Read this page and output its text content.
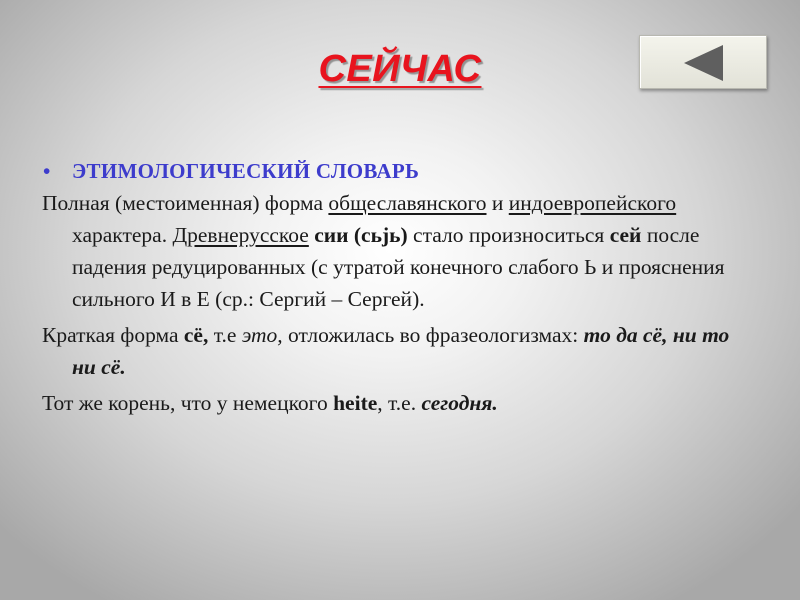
СЕЙЧАС
• ЭТИМОЛОГИЧЕСКИЙ СЛОВАРЬ

Полная (местоименная) форма общеславянского и индоевропейского характера. Древнерусское сии (сьјь) стало произноситься сей после падения редуцированных (с утратой конечного слабого Ь и прояснения сильного И в Е (ср.: Сергий – Сергей).

Краткая форма сё, т.е это, отложилась во фразеологизмах: то да сё, ни то ни сё.

Тот же корень, что у немецкого heite, т.е. сегодня.
